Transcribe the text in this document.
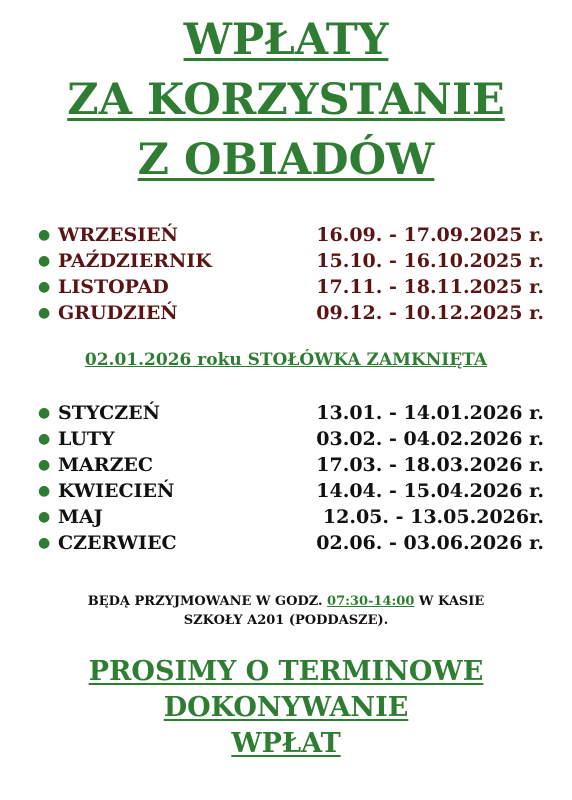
WPŁATY
ZA KORZYSTANIE
Z OBIADÓW
● WRZESIEŃ	16.09. - 17.09.2025 r.
● PAŹDZIERNIK	15.10. - 16.10.2025 r.
● LISTOPAD	17.11. - 18.11.2025 r.
● GRUDZIEŃ	09.12. - 10.12.2025 r.
02.01.2026 roku STOŁÓWKA ZAMKNIĘTA
● STYCZEŃ	13.01. - 14.01.2026 r.
● LUTY	03.02. - 04.02.2026 r.
● MARZEC	17.03. - 18.03.2026 r.
● KWIECIEŃ	14.04. - 15.04.2026 r.
● MAJ	12.05. - 13.05.2026r.
● CZERWIEC	02.06. - 03.06.2026 r.
BĘDĄ PRZYJMOWANE W GODZ. 07:30-14:00 W KASIE
SZKOŁY A201 (PODDASZE).
PROSIMY O TERMINOWE
DOKONYWANIE
WPŁAT
